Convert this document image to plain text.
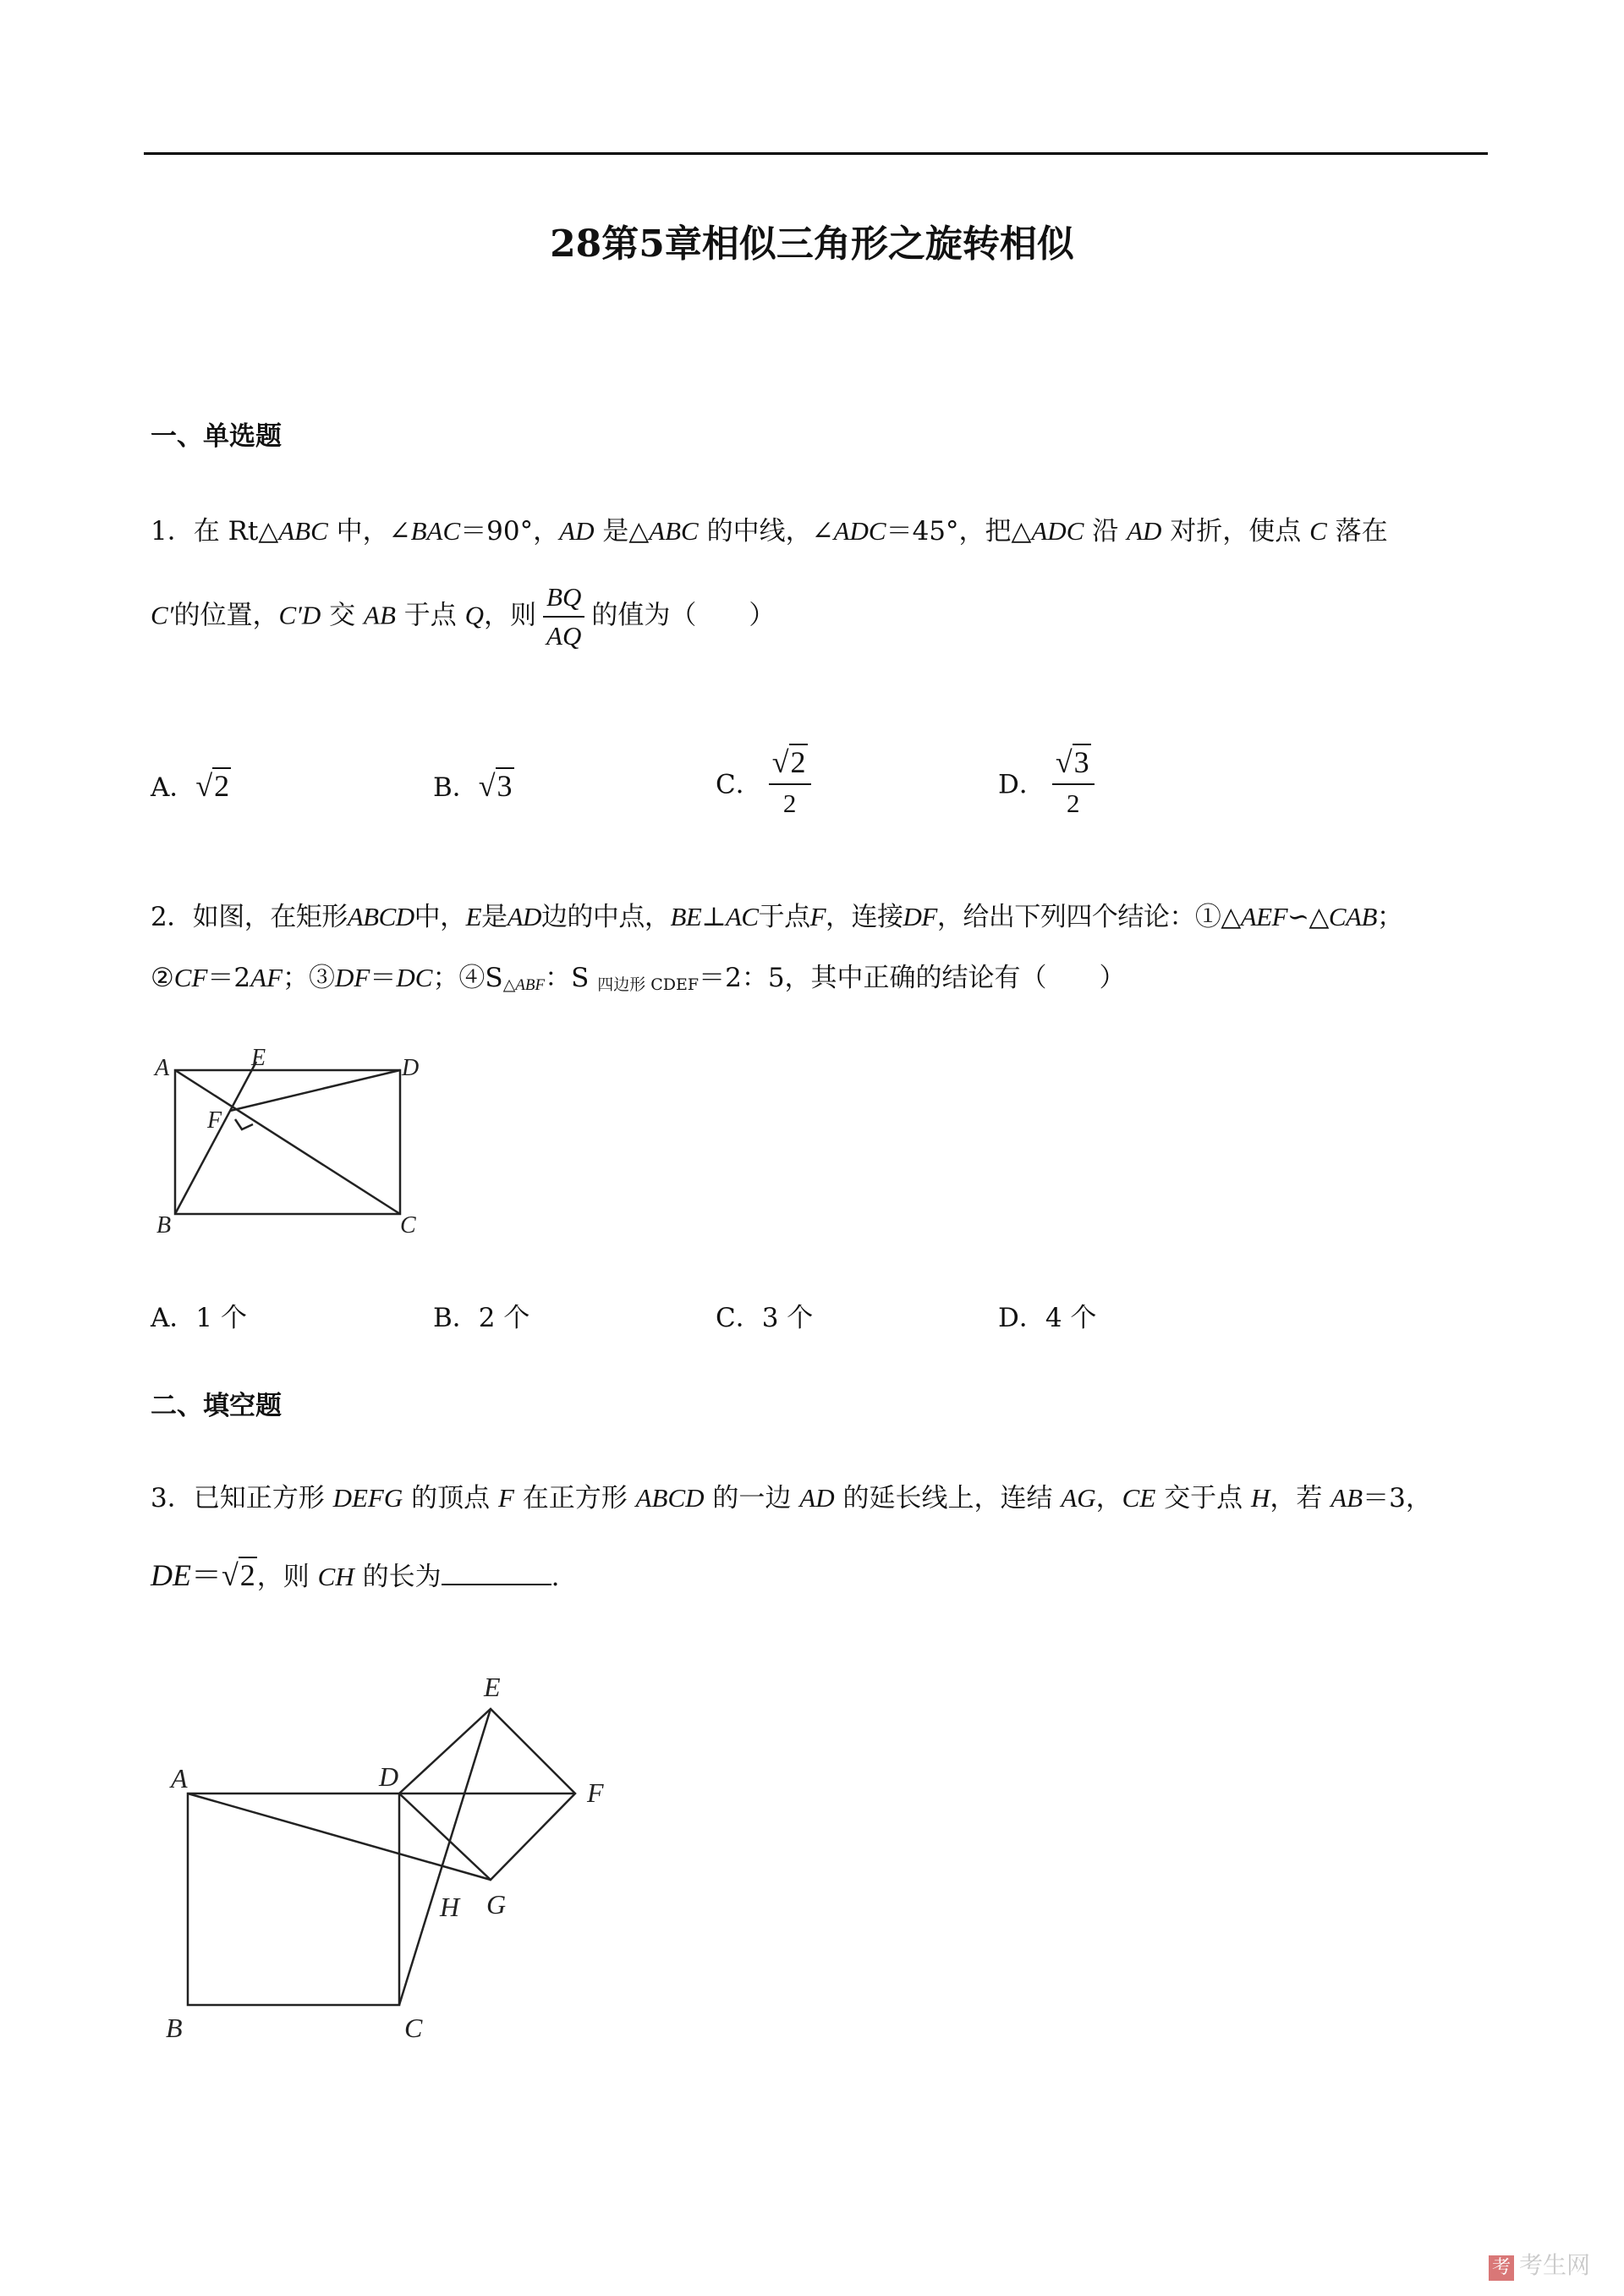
28第5章相似三角形之旋转相似
一、单选题
1．在 Rt△ABC 中，∠BAC＝90°，AD 是△ABC 的中线，∠ADC＝45°，把△ADC 沿 AD 对折，使点 C 落在
C′的位置，C′D 交 AB 于点 Q，则 $\frac{BQ}{AQ}$ 的值为（　　）
A．√2	B．√3	C． $\frac{√2}{2}$	D． $\frac{√3}{2}$
2．如图，在矩形ABCD中，E是AD边的中点，BE⊥AC于点F，连接DF，给出下列四个结论：①△AEF∽△CAB；
②CF＝2AF；③DF＝DC；$④S_{\triangle ABF}$：S $_{四边形 CDEF}$＝2：5，其中正确的结论有（　　）
A	E	D
F
B	C
A．1 个	B．2 个	C．3 个	D．4 个
二、填空题
3．已知正方形 DEFG 的顶点 F 在正方形 ABCD 的一边 AD 的延长线上，连结 AG，CE 交于点 H，若 AB＝3，
DE＝√2，则 CH 的长为	.
A	D
E
F
H G
B	C
考 考生网
